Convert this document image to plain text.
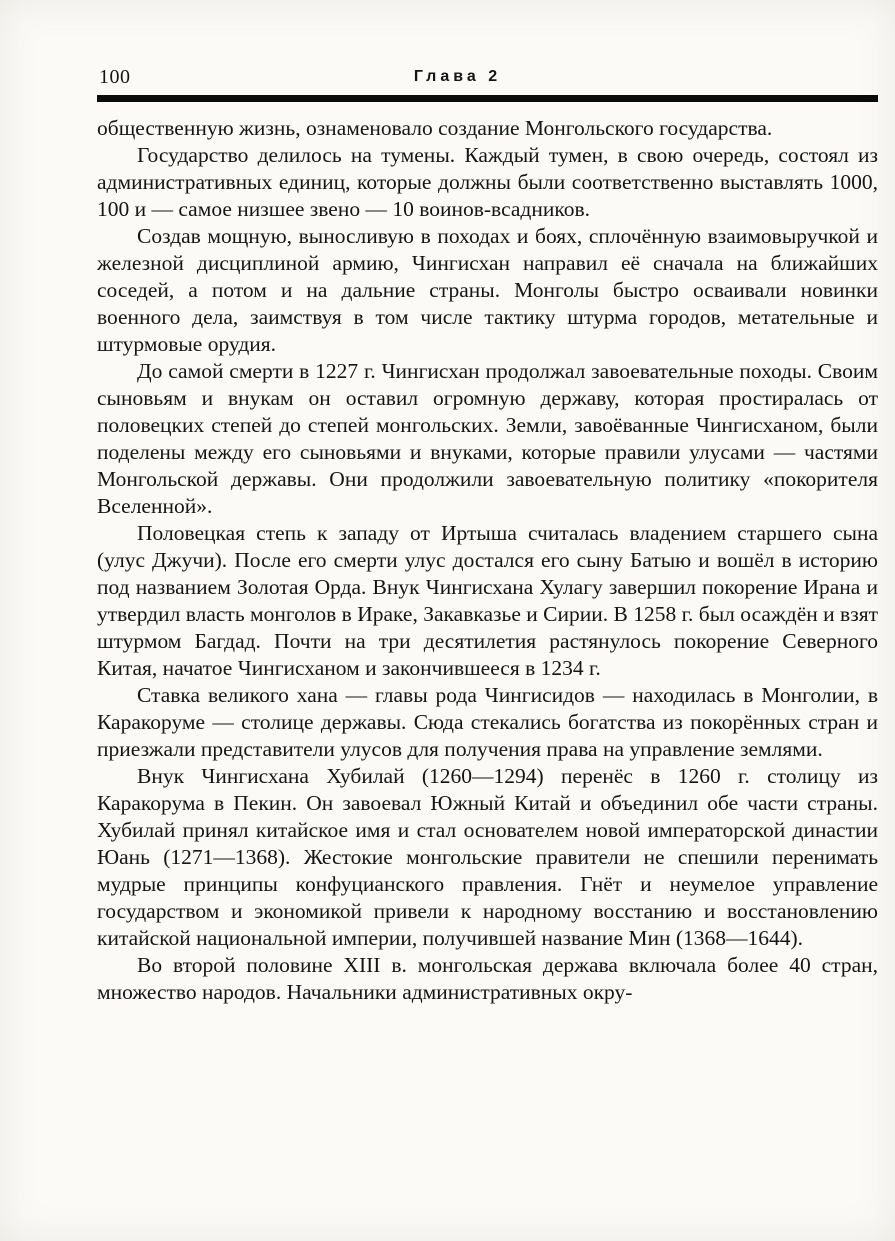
100	Глава 2

общественную жизнь, ознаменовало создание Монгольского государства.

Государство делилось на тумены. Каждый тумен, в свою очередь, состоял из административных единиц, которые должны были соответственно выставлять 1000, 100 и — самое низшее звено — 10 воинов-всадников.

Создав мощную, выносливую в походах и боях, сплочённую взаимовыручкой и железной дисциплиной армию, Чингисхан направил её сначала на ближайших соседей, а потом и на дальние страны. Монголы быстро осваивали новинки военного дела, заимствуя в том числе тактику штурма городов, метательные и штурмовые орудия.

До самой смерти в 1227 г. Чингисхан продолжал завоевательные походы. Своим сыновьям и внукам он оставил огромную державу, которая простиралась от половецких степей до степей монгольских. Земли, завоёванные Чингисханом, были поделены между его сыновьями и внуками, которые правили улусами — частями Монгольской державы. Они продолжили завоевательную политику «покорителя Вселенной».

Половецкая степь к западу от Иртыша считалась владением старшего сына (улус Джучи). После его смерти улус достался его сыну Батыю и вошёл в историю под названием Золотая Орда. Внук Чингисхана Хулагу завершил покорение Ирана и утвердил власть монголов в Ираке, Закавказье и Сирии. В 1258 г. был осаждён и взят штурмом Багдад. Почти на три десятилетия растянулось покорение Северного Китая, начатое Чингисханом и закончившееся в 1234 г.

Ставка великого хана — главы рода Чингисидов — находилась в Монголии, в Каракоруме — столице державы. Сюда стекались богатства из покорённых стран и приезжали представители улусов для получения права на управление землями.

Внук Чингисхана Хубилай (1260—1294) перенёс в 1260 г. столицу из Каракорума в Пекин. Он завоевал Южный Китай и объединил обе части страны. Хубилай принял китайское имя и стал основателем новой императорской династии Юань (1271—1368). Жестокие монгольские правители не спешили перенимать мудрые принципы конфуцианского правления. Гнёт и неумелое управление государством и экономикой привели к народному восстанию и восстановлению китайской национальной империи, получившей название Мин (1368—1644).

Во второй половине XIII в. монгольская держава включала более 40 стран, множество народов. Начальники административных окру-
